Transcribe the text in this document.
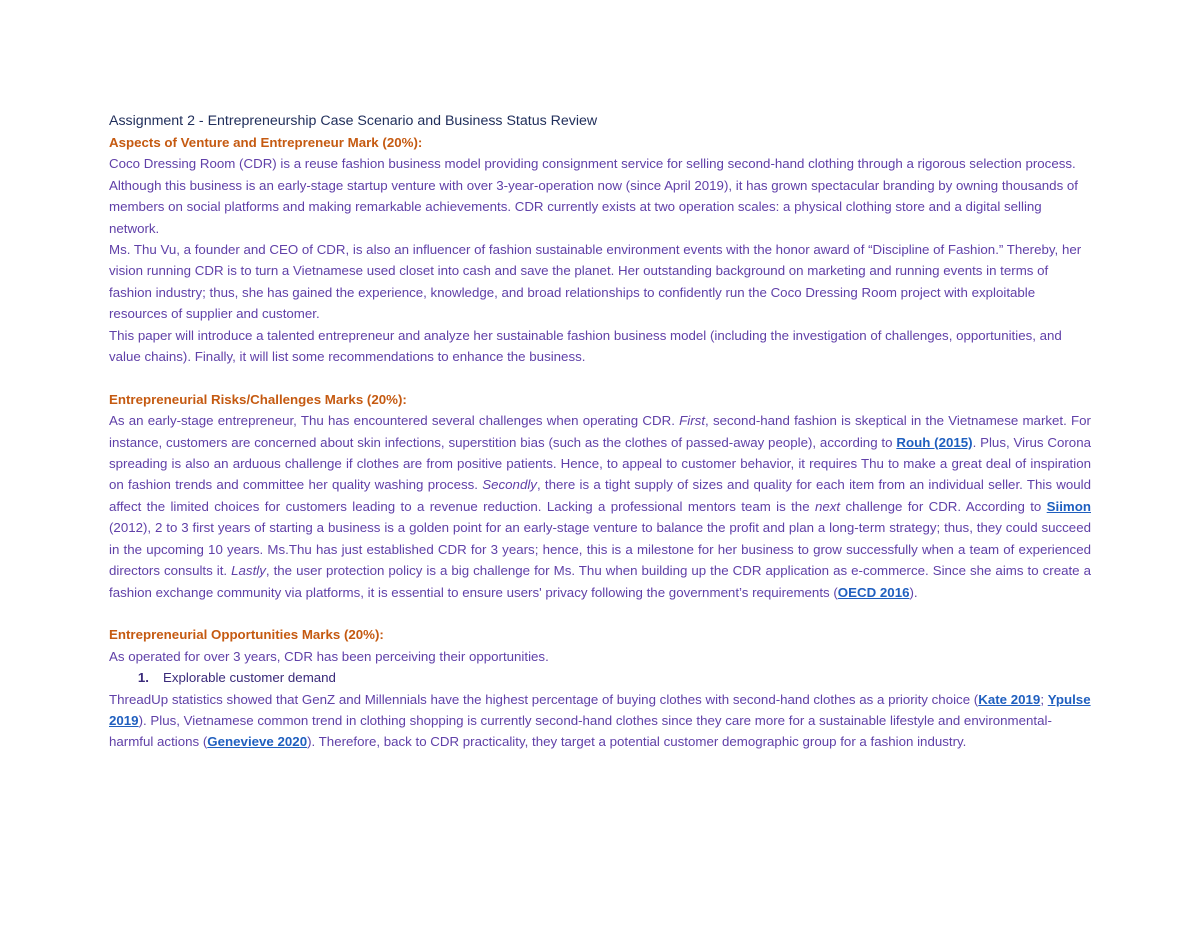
Assignment 2 - Entrepreneurship Case Scenario and Business Status Review
Aspects of Venture and Entrepreneur Mark (20%):

Coco Dressing Room (CDR) is a reuse fashion business model providing consignment service for selling second-hand clothing through a rigorous selection process. Although this business is an early-stage startup venture with over 3-year-operation now (since April 2019), it has grown spectacular branding by owning thousands of members on social platforms and making remarkable achievements. CDR currently exists at two operation scales: a physical clothing store and a digital selling network.

Ms. Thu Vu, a founder and CEO of CDR, is also an influencer of fashion sustainable environment events with the honor award of “Discipline of Fashion.” Thereby, her vision running CDR is to turn a Vietnamese used closet into cash and save the planet. Her outstanding background on marketing and running events in terms of fashion industry; thus, she has gained the experience, knowledge, and broad relationships to confidently run the Coco Dressing Room project with exploitable resources of supplier and customer.

This paper will introduce a talented entrepreneur and analyze her sustainable fashion business model (including the investigation of challenges, opportunities, and value chains). Finally, it will list some recommendations to enhance the business.

Entrepreneurial Risks/Challenges Marks (20%):

As an early-stage entrepreneur, Thu has encountered several challenges when operating CDR. First, second-hand fashion is skeptical in the Vietnamese market. For instance, customers are concerned about skin infections, superstition bias (such as the clothes of passed-away people), according to Rouh (2015). Plus, Virus Corona spreading is also an arduous challenge if clothes are from positive patients. Hence, to appeal to customer behavior, it requires Thu to make a great deal of inspiration on fashion trends and committee her quality washing process. Secondly, there is a tight supply of sizes and quality for each item from an individual seller. This would affect the limited choices for customers leading to a revenue reduction. Lacking a professional mentors team is the next challenge for CDR. According to Siimon (2012), 2 to 3 first years of starting a business is a golden point for an early-stage venture to balance the profit and plan a long-term strategy; thus, they could succeed in the upcoming 10 years. Ms.Thu has just established CDR for 3 years; hence, this is a milestone for her business to grow successfully when a team of experienced directors consults it. Lastly, the user protection policy is a big challenge for Ms. Thu when building up the CDR application as e-commerce. Since she aims to create a fashion exchange community via platforms, it is essential to ensure users' privacy following the government’s requirements (OECD 2016).

Entrepreneurial Opportunities Marks (20%):

As operated for over 3 years, CDR has been perceiving their opportunities.

1. Explorable customer demand

ThreadUp statistics showed that GenZ and Millennials have the highest percentage of buying clothes with second-hand clothes as a priority choice (Kate 2019; Ypulse 2019). Plus, Vietnamese common trend in clothing shopping is currently second-hand clothes since they care more for a sustainable lifestyle and environmental-harmful actions (Genevieve 2020). Therefore, back to CDR practicality, they target a potential customer demographic group for a fashion industry.
